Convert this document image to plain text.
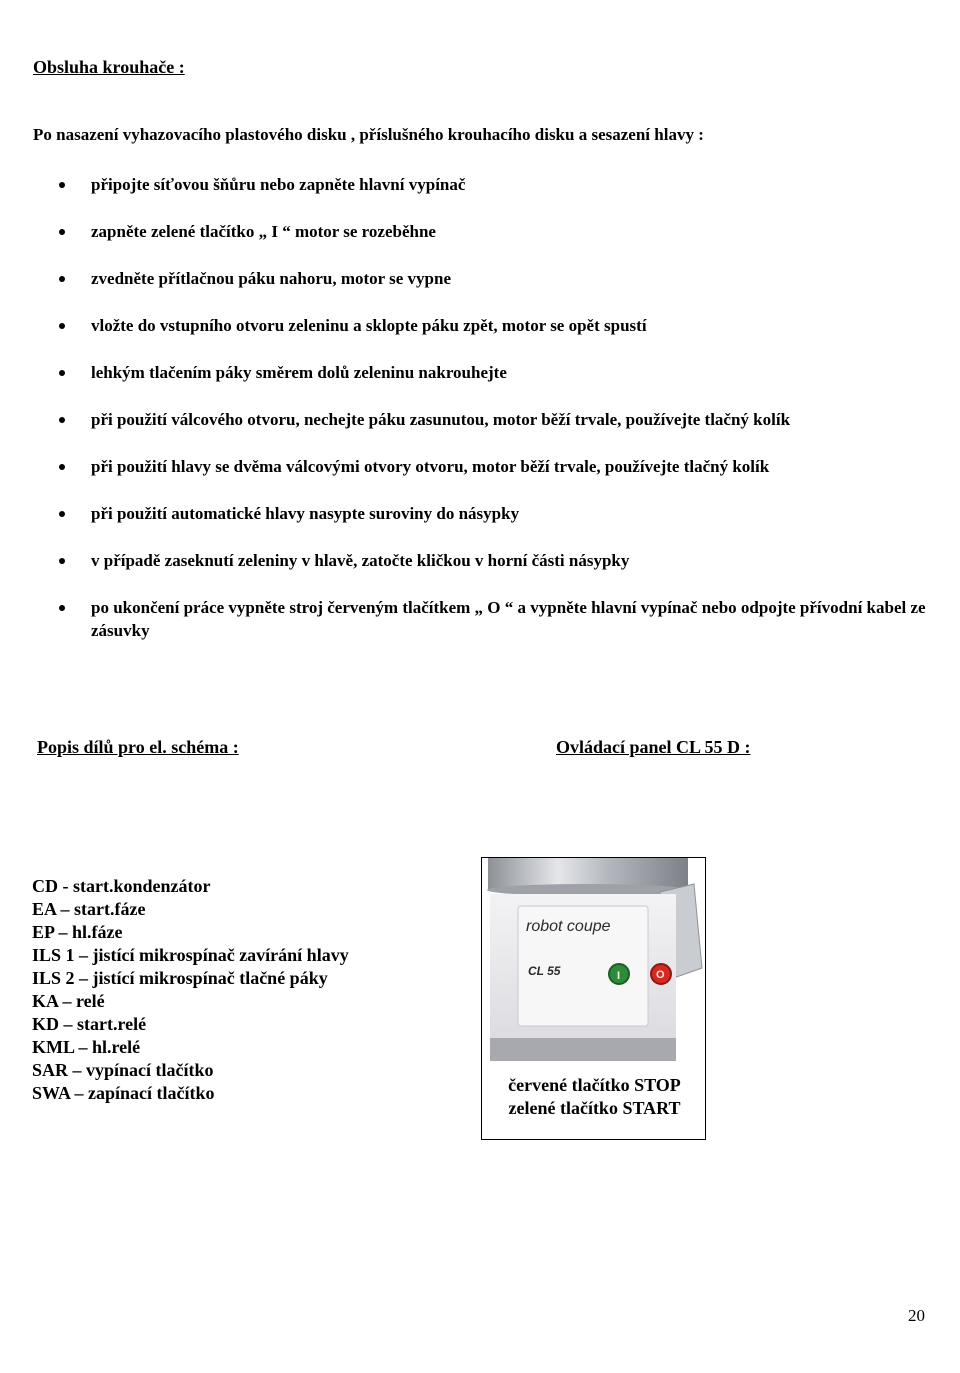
Obsluha krouhače :
Po nasazení vyhazovacího plastového disku , příslušného krouhacího disku a sesazení hlavy :
připojte síťovou šňůru nebo zapněte hlavní vypínač
zapněte zelené tlačítko „ I “ motor se rozeběhne
zvedněte přítlačnou páku nahoru, motor se vypne
vložte do vstupního otvoru zeleninu a sklopte páku zpět, motor se opět spustí
lehkým tlačením páky směrem dolů zeleninu nakrouhejte
při použití válcového otvoru, nechejte páku zasunutou, motor běží trvale, používejte tlačný kolík
při použití hlavy se dvěma válcovými otvory otvoru, motor běží trvale, používejte tlačný kolík
při použití automatické hlavy nasypte suroviny do násypky
v případě zaseknutí zeleniny v hlavě, zatočte kličkou v horní části násypky
po ukončení práce vypněte stroj červeným tlačítkem „ O “ a vypněte hlavní vypínač nebo odpojte přívodní kabel ze zásuvky
Popis dílů pro el. schéma :	Ovládací panel CL 55 D :
CD - start.kondenzátor
EA – start.fáze
EP – hl.fáze
ILS 1 – jistící mikrospínač zavírání hlavy
ILS 2 – jistící mikrospínač tlačné páky
KA – relé
KD – start.relé
KML – hl.relé
SAR – vypínací tlačítko
SWA – zapínací tlačítko
robot coupe
CL 55	I	O
červené tlačítko STOP
zelené tlačítko START
20
